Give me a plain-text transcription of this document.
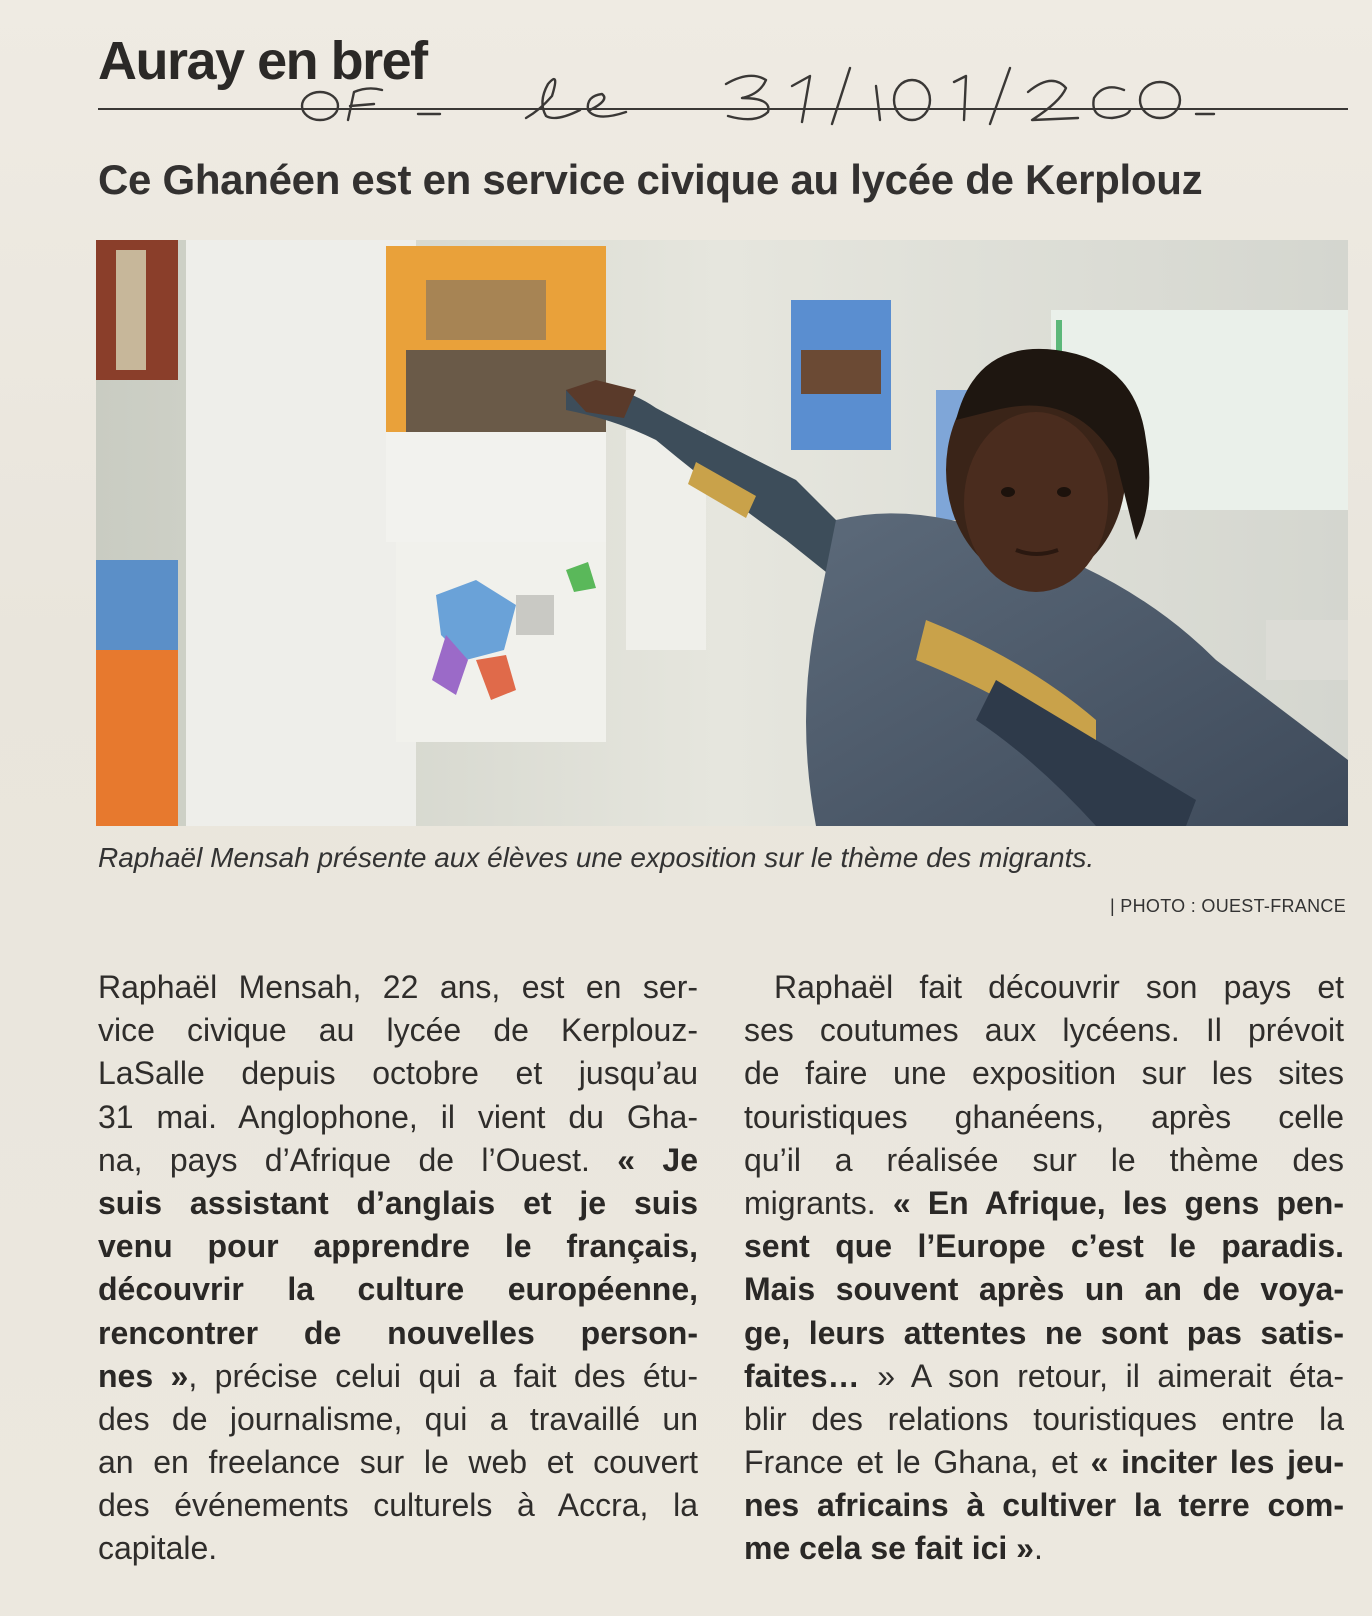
Auray en bref
Ce Ghanéen est en service civique au lycée de Kerplouz
Raphaël Mensah présente aux élèves une exposition sur le thème des migrants.
| PHOTO : OUEST-FRANCE
Raphaël Mensah, 22 ans, est en ser-
vice civique au lycée de Kerplouz-
LaSalle depuis octobre et jusqu’au
31 mai. Anglophone, il vient du Gha-
na, pays d’Afrique de l’Ouest. « Je
suis assistant d’anglais et je suis
venu pour apprendre le français,
découvrir la culture européenne,
rencontrer de nouvelles person-
nes », précise celui qui a fait des étu-
des de journalisme, qui a travaillé un
an en freelance sur le web et couvert
des événements culturels à Accra, la
capitale.
Raphaël fait découvrir son pays et
ses coutumes aux lycéens. Il prévoit
de faire une exposition sur les sites
touristiques ghanéens, après celle
qu’il a réalisée sur le thème des
migrants. « En Afrique, les gens pen-
sent que l’Europe c’est le paradis.
Mais souvent après un an de voya-
ge, leurs attentes ne sont pas satis-
faites… » A son retour, il aimerait éta-
blir des relations touristiques entre la
France et le Ghana, et « inciter les jeu-
nes africains à cultiver la terre com-
me cela se fait ici ».
